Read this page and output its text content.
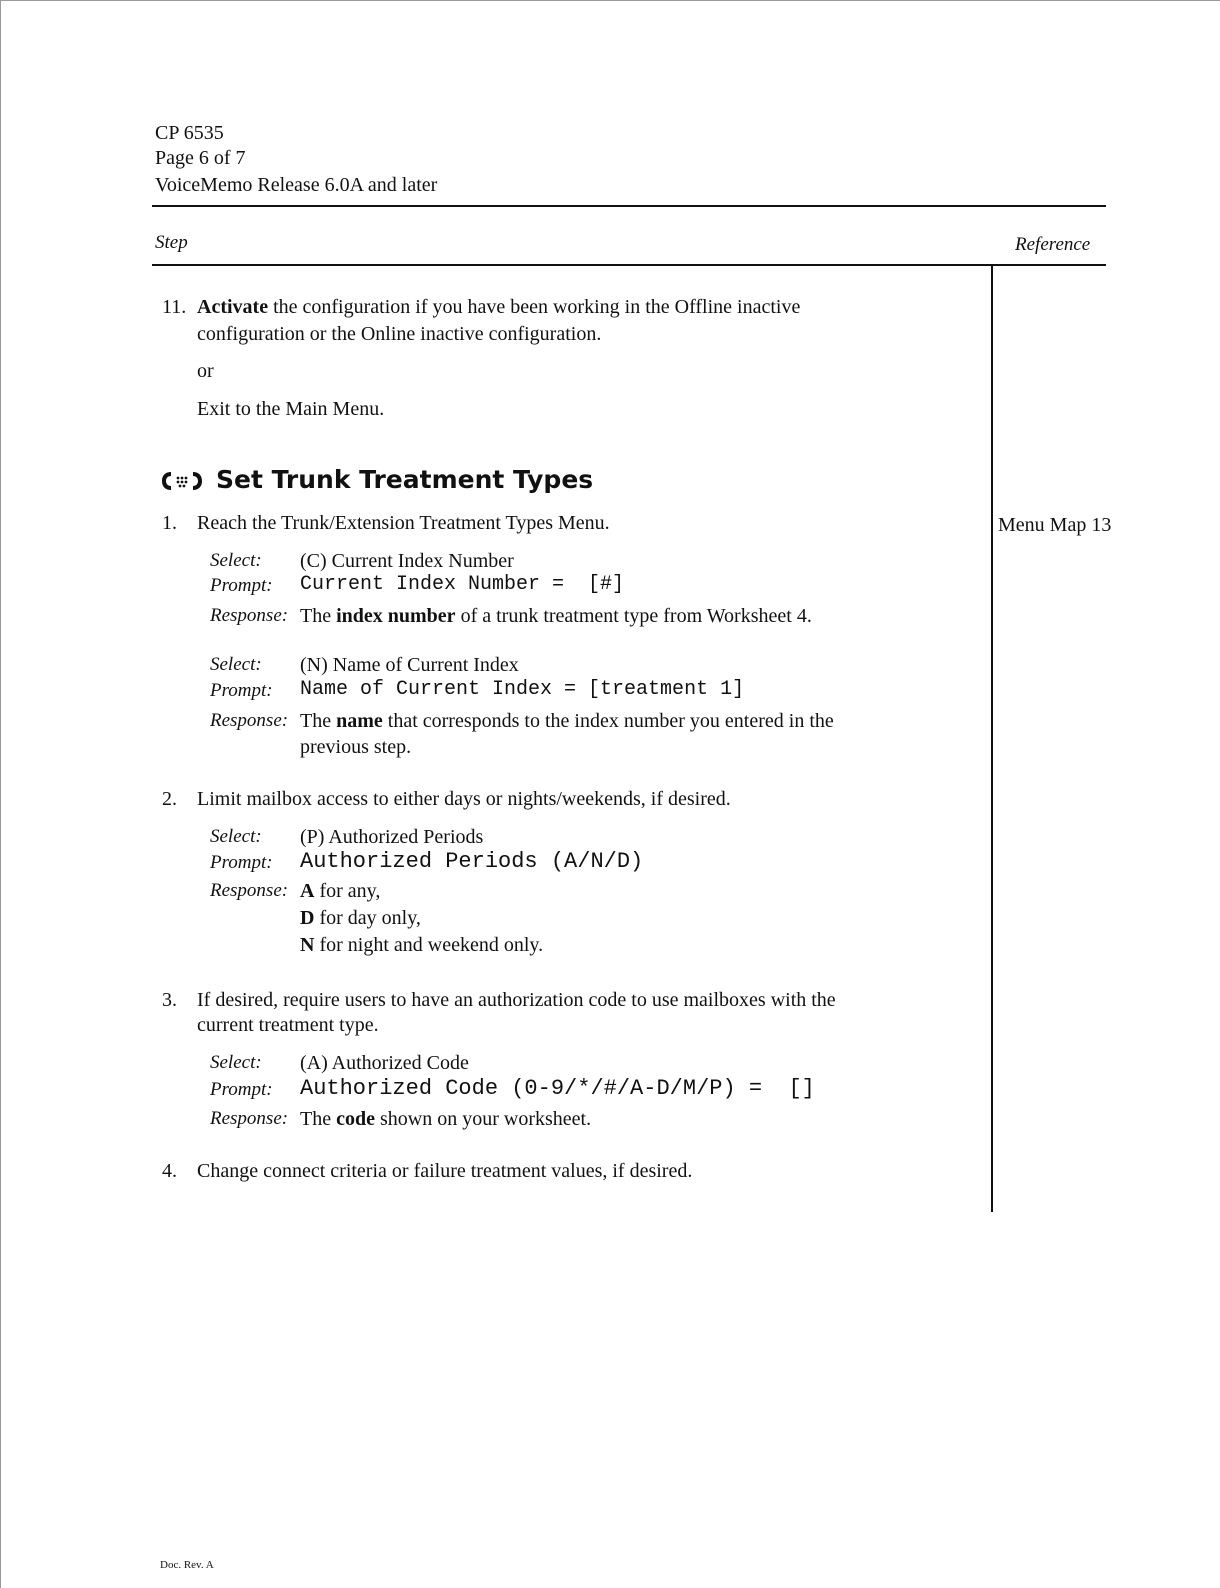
CP 6535
Page 6 of 7
VoiceMemo Release 6.0A and later
Step	Reference
11. Activate the configuration if you have been working in the Offline inactive
configuration or the Online inactive configuration.
or
Exit to the Main Menu.
Set Trunk Treatment Types
1. Reach the Trunk/Extension Treatment Types Menu.	Menu Map 13
Select:	(C) Current Index Number
Prompt:	Current Index Number =  [#]
Response: The index number of a trunk treatment type from Worksheet 4.
Select:	(N) Name of Current Index
Prompt:	Name of Current Index = [treatment 1]
Response: The name that corresponds to the index number you entered in the
previous step.
2. Limit mailbox access to either days or nights/weekends, if desired.
Select:	(P) Authorized Periods
Prompt:	Authorized Periods (A/N/D)
Response: A for any,
D for day only,
N for night and weekend only.
3. If desired, require users to have an authorization code to use mailboxes with the
current treatment type.
Select:	(A) Authorized Code
Prompt:	Authorized Code (0-9/*/#/A-D/M/P) =  []
Response: The code shown on your worksheet.
4. Change connect criteria or failure treatment values, if desired.
Doc. Rev. A
